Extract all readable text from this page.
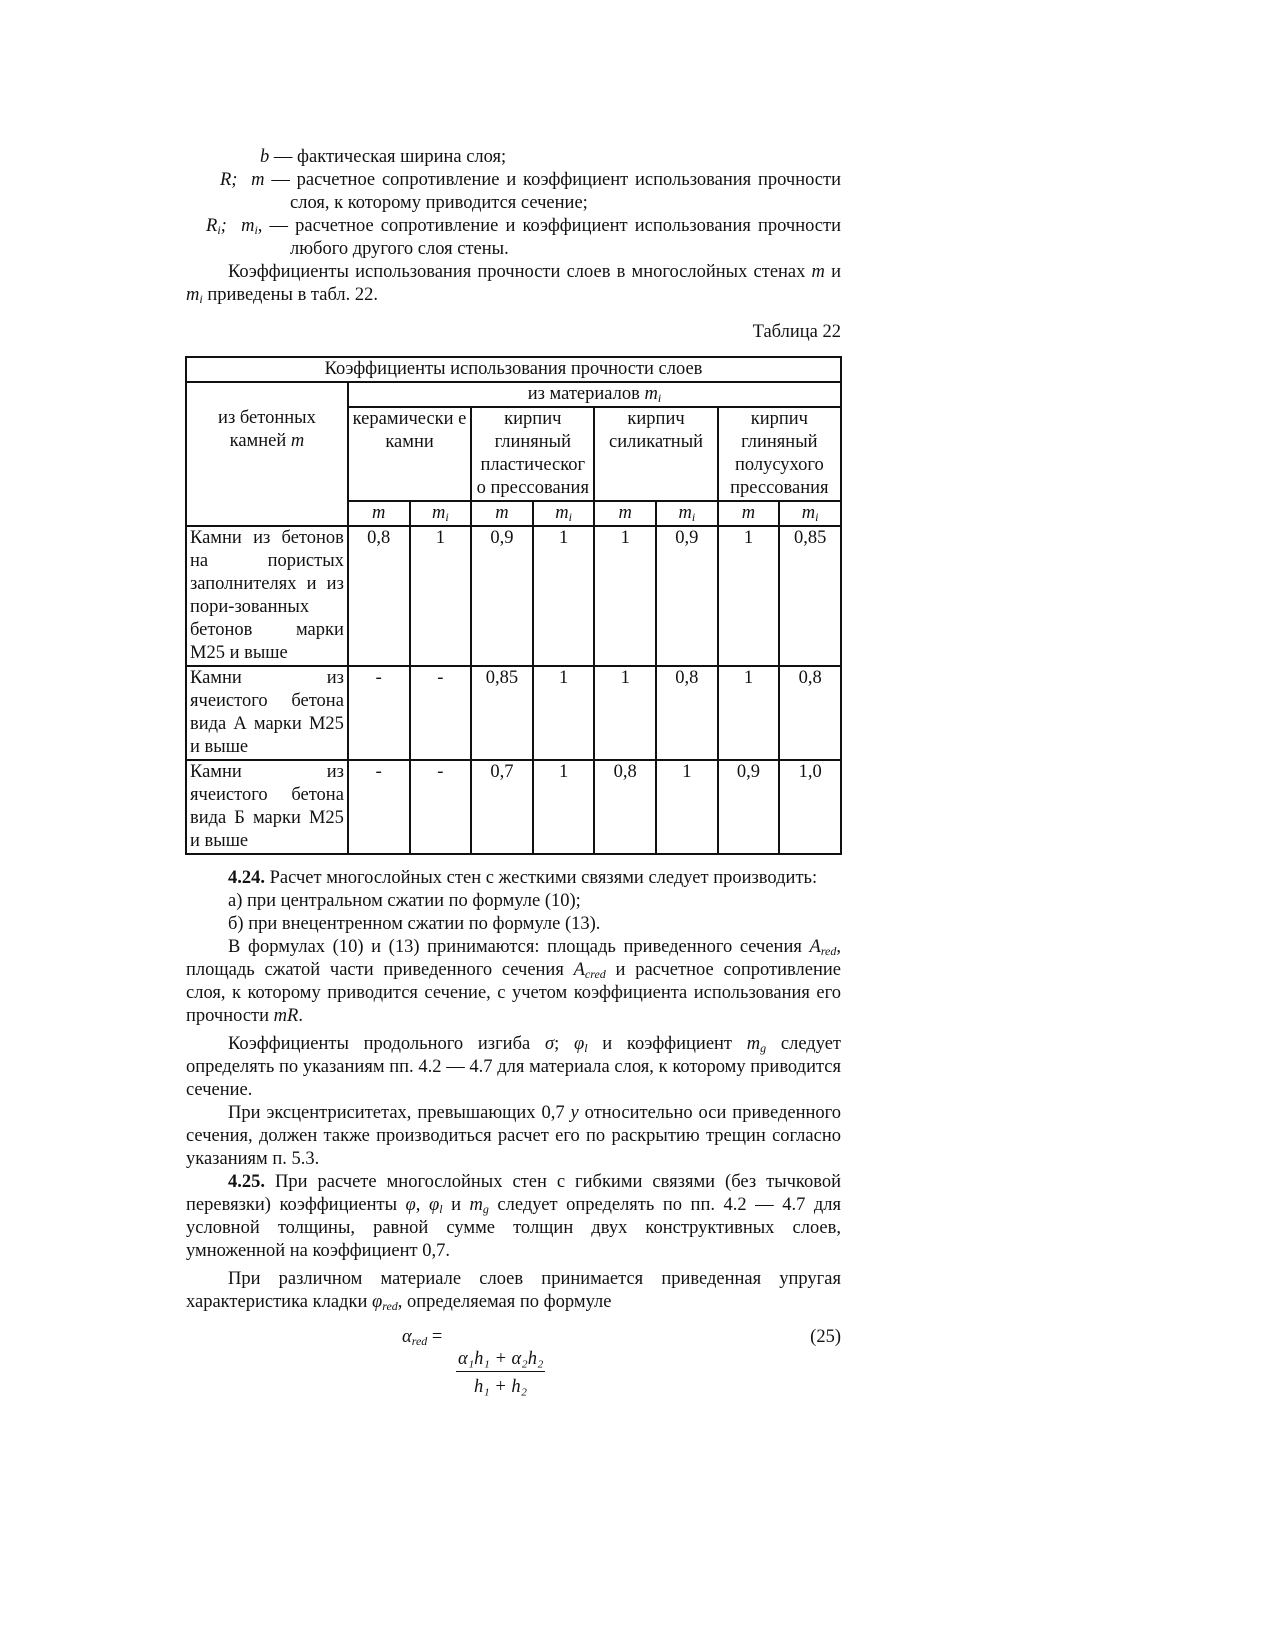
b — фактическая ширина слоя;

R; m — расчетное сопротивление и коэффициент использования прочности слоя, к которому приводится сечение;

$R_i$; $m_i$, — расчетное сопротивление и коэффициент использования прочности любого другого слоя стены.

Коэффициенты использования прочности слоев в многослойных стенах m и $m_i$ приведены в табл. 22.

Таблица 22

Коэффициенты использования прочности слоев								
из бетонных
камней m	из материалов $m_i$
	керамически е камни		кирпич глиняный пластическог о прессования		кирпич силикатный		кирпич глиняный полусухого прессования	
	m	$m_i$	m	$m_i$	m	$m_i$	m	$m_i$
Камни из бетонов на пористых заполнителях и из пори-зованных бетонов марки М25 и выше	0,8	1	0,9	1	1	0,9	1	0,85
Камни из ячеистого бетона вида А марки М25 и выше	-	-	0,85	1	1	0,8	1	0,8
Камни из ячеистого бетона вида Б марки М25 и выше	-	-	0,7	1	0,8	1	0,9	1,0

4.24. Расчет многослойных стен с жесткими связями следует производить:

а) при центральном сжатии по формуле (10);

б) при внецентренном сжатии по формуле (13).

В формулах (10) и (13) принимаются: площадь приведенного сечения $A_{red}$, площадь сжатой части приведенного сечения $A_{cred}$ и расчетное сопротивление слоя, к которому приводится сечение, с учетом коэффициента использования его прочности mR.

Коэффициенты продольного изгиба σ; $\varphi_l$ и коэффициент $m_g$ следует определять по указаниям пп. 4.2 — 4.7 для материала слоя, к которому приводится сечение.

При эксцентриситетах, превышающих 0,7 y относительно оси приведенного сечения, должен также производиться расчет его по раскрытию трещин согласно указаниям п. 5.3.

4.25. При расчете многослойных стен с гибкими связями (без тычковой перевязки) коэффициенты φ, $\varphi_l$ и $m_g$ следует определять по пп. 4.2 — 4.7 для условной толщины, равной сумме толщин двух конструктивных слоев, умноженной на коэффициент 0,7.

При различном материале слоев принимается приведенная упругая характеристика кладки $\varphi_{red}$, определяемая по формуле

$\alpha_{red}$ =
α₁h₁ + α₂h₂
h₁ + h₂
(25)
